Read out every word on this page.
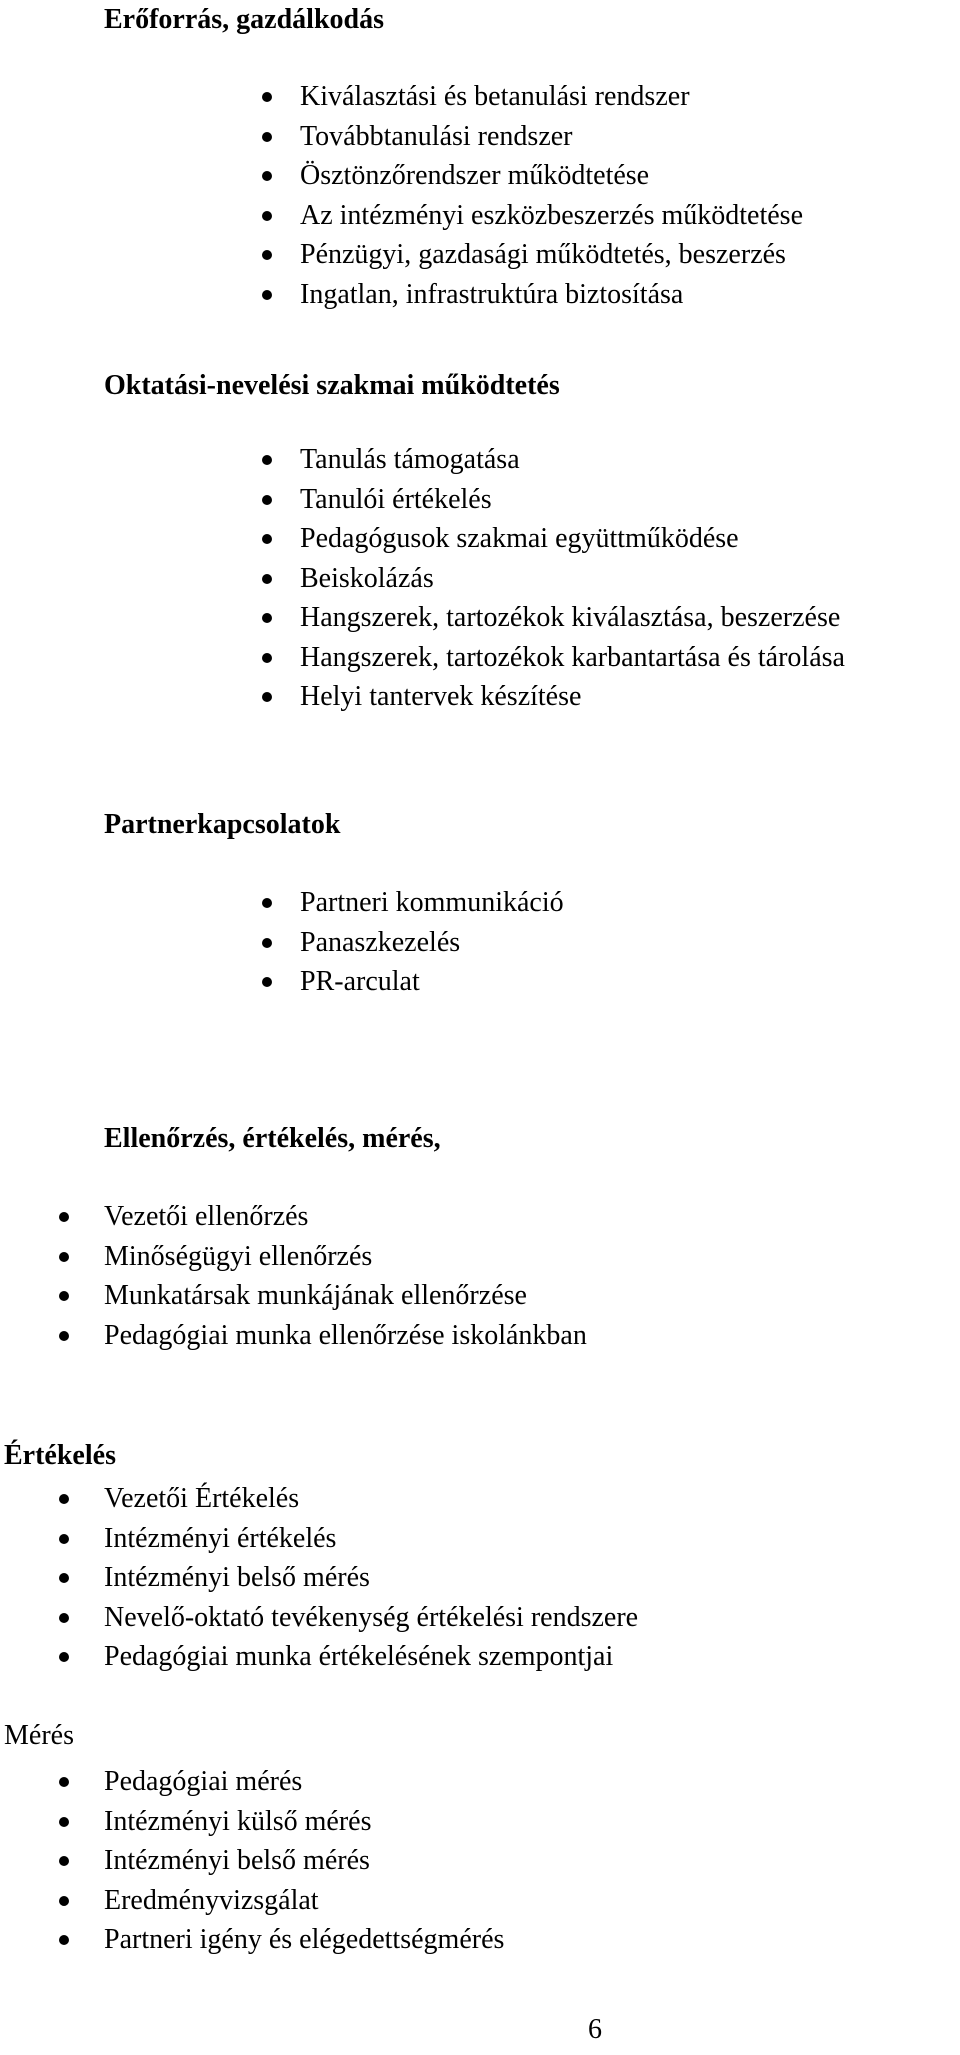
Erőforrás, gazdálkodás
Kiválasztási és betanulási rendszer
Továbbtanulási rendszer
Ösztönzőrendszer működtetése
Az intézményi eszközbeszerzés működtetése
Pénzügyi, gazdasági működtetés, beszerzés
Ingatlan, infrastruktúra biztosítása
Oktatási-nevelési szakmai működtetés
Tanulás támogatása
Tanulói értékelés
Pedagógusok szakmai együttműködése
Beiskolázás
Hangszerek, tartozékok kiválasztása, beszerzése
Hangszerek, tartozékok karbantartása és tárolása
Helyi tantervek készítése
Partnerkapcsolatok
Partneri kommunikáció
Panaszkezelés
PR-arculat
Ellenőrzés, értékelés, mérés,
Vezetői ellenőrzés
Minőségügyi ellenőrzés
Munkatársak munkájának ellenőrzése
Pedagógiai munka ellenőrzése iskolánkban
Értékelés
Vezetői Értékelés
Intézményi értékelés
Intézményi belső mérés
Nevelő-oktató tevékenység értékelési rendszere
Pedagógiai munka értékelésének szempontjai
Mérés
Pedagógiai mérés
Intézményi külső mérés
Intézményi belső mérés
Eredményvizsgálat
Partneri igény és elégedettségmérés
6
